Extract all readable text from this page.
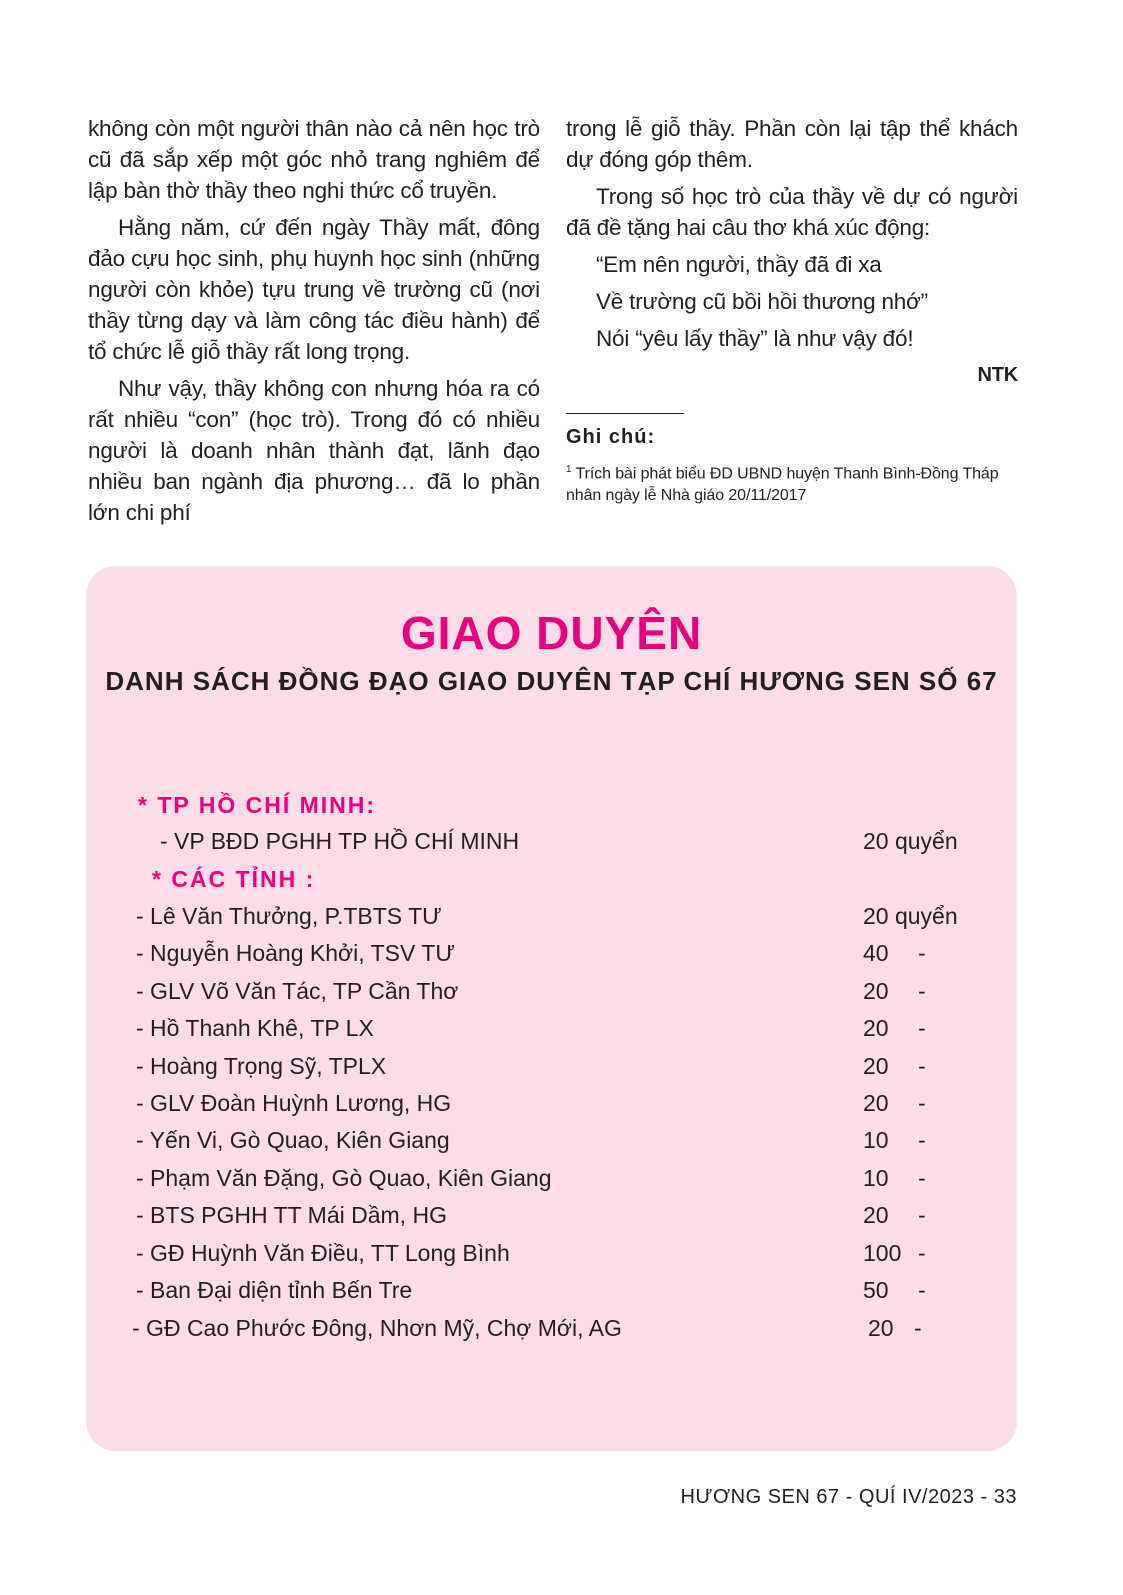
không còn một người thân nào cả nên học trò cũ đã sắp xếp một góc nhỏ trang nghiêm để lập bàn thờ thầy theo nghi thức cổ truyền.

Hằng năm, cứ đến ngày Thầy mất, đông đảo cựu học sinh, phụ huynh học sinh (những người còn khỏe) tựu trung về trường cũ (nơi thầy từng dạy và làm công tác điều hành) để tổ chức lễ giỗ thầy rất long trọng.

Như vậy, thầy không con nhưng hóa ra có rất nhiều “con” (học trò). Trong đó có nhiều người là doanh nhân thành đạt, lãnh đạo nhiều ban ngành địa phương… đã lo phần lớn chi phí

trong lễ giỗ thầy. Phần còn lại tập thể khách dự đóng góp thêm.

Trong số học trò của thầy về dự có người đã đề tặng hai câu thơ khá xúc động:

“Em nên người, thầy đã đi xa
Về trường cũ bồi hồi thương nhớ”
Nói “yêu lấy thầy” là như vậy đó!
NTK
Ghi chú:
$^1$ Trích bài phát biểu ĐD UBND huyện Thanh Bình-Đồng Tháp nhân ngày lễ Nhà giáo 20/11/2017
GIAO DUYÊN
DANH SÁCH ĐỒNG ĐẠO GIAO DUYÊN TẠP CHÍ HƯƠNG SEN SỐ 67
* TP HỒ CHÍ MINH:
- VP BĐD PGHH TP HỒ CHÍ MINH	20 quyển
* CÁC TỈNH :
- Lê Văn Thưởng, P.TBTS TƯ	20 quyển
- Nguyễn Hoàng Khởi, TSV TƯ	40 -
- GLV Võ Văn Tác, TP Cần Thơ	20 -
- Hồ Thanh Khê, TP LX	20 -
- Hoàng Trọng Sỹ, TPLX	20 -
- GLV Đoàn Huỳnh Lương, HG	20 -
- Yến Vi, Gò Quao, Kiên Giang	10 -
- Phạm Văn Đặng, Gò Quao, Kiên Giang	10 -
- BTS PGHH TT Mái Dầm, HG	20 -
- GĐ Huỳnh Văn Điều, TT Long Bình	100 -
- Ban Đại diện tỉnh Bến Tre	50 -
- GĐ Cao Phước Đông, Nhơn Mỹ, Chợ Mới, AG	20 -
HƯƠNG SEN 67 - QUÍ IV/2023 - 33
